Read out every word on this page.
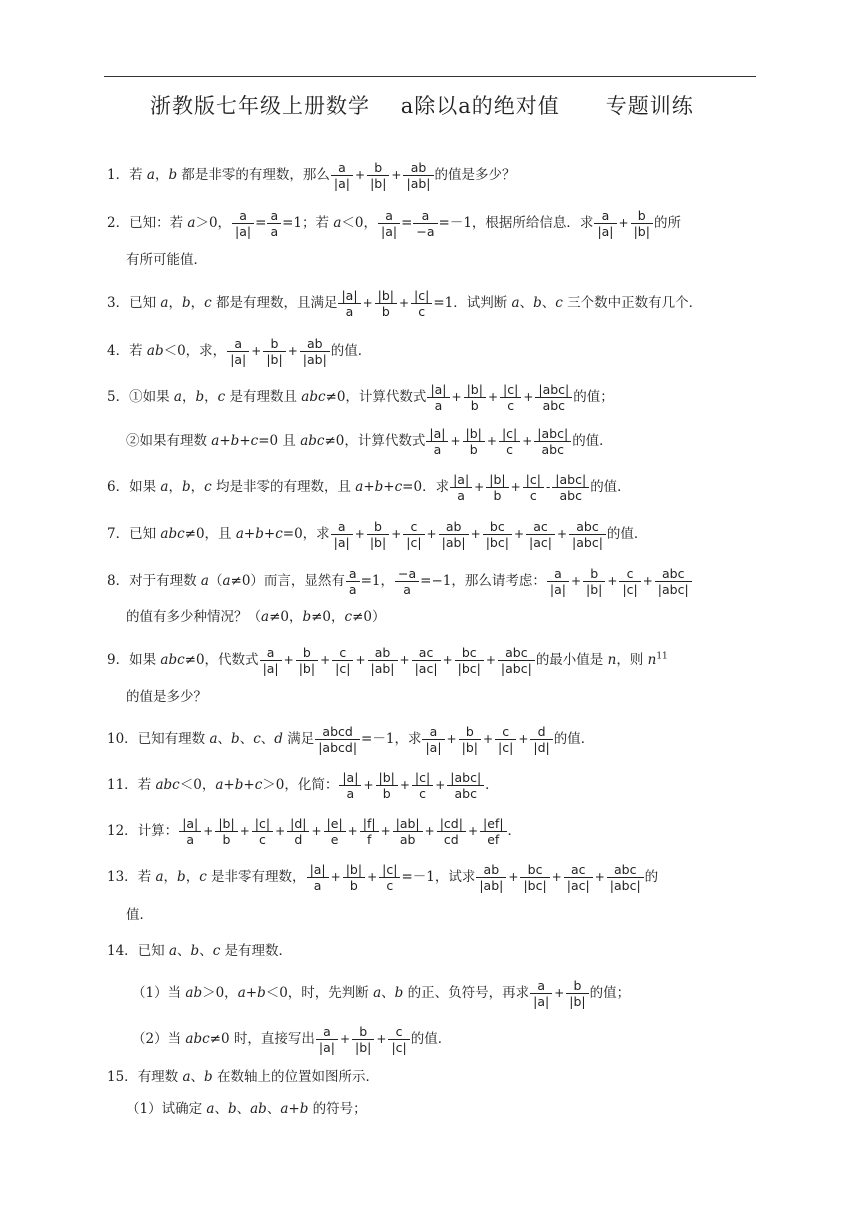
浙教版七年级上册数学    a除以a的绝对值      专题训练
1．若 a，b 都是非零的有理数，那么 $\frac{a}{|a|} + \frac{b}{|b|} + \frac{ab}{|ab|}$ 的值是多少？
2．已知：若 a＞0， $\frac{a}{|a|} = \frac{a}{a} =1$；若 a＜0， $\frac{a}{|a|} = \frac{a}{-a} =-1$，根据所给信息．求 $\frac{a}{|a|} + \frac{b}{|b|}$ 的所
有所可能值．
3．已知 a，b，c 都是有理数，且满足 $\frac{|a|}{a} + \frac{|b|}{b} + \frac{|c|}{c} =1$．试判断 a、b、c 三个数中正数有几个．
4．若 ab＜0，求， $\frac{a}{|a|} + \frac{b}{|b|} + \frac{ab}{|ab|}$ 的值．
5．①如果 a，b，c 是有理数且 abc≠0，计算代数式 $\frac{|a|}{a} + \frac{|b|}{b} + \frac{|c|}{c} + \frac{\text{|abc|}}{\text{abc}}$ 的值；
②如果有理数 a+b+c=0 且 abc≠0，计算代数式 $\frac{|a|}{a} + \frac{|b|}{b} + \frac{|c|}{c} + \frac{\text{|abc|}}{\text{abc}}$ 的值．
6．如果 a，b，c 均是非零的有理数，且 a+b+c=0．求 $\frac{|a|}{a} + \frac{|b|}{b} + \frac{|c|}{c} - \frac{\text{|abc|}}{\text{abc}}$ 的值．
7．已知 abc≠0，且 a+b+c=0，求 $\frac{a}{|a|} + \frac{b}{|b|} + \frac{c}{|c|} + \frac{ab}{|ab|} + \frac{bc}{|bc|} + \frac{ac}{|ac|} + \frac{\text{abc}}{\text{|abc|}}$ 的值．
8．对于有理数 a（a≠0）而言，显然有 $\frac{a}{a} =1$， $\frac{-a}{a} =-1$，那么请考虑： $\frac{a}{|a|} + \frac{b}{|b|} + \frac{c}{|c|} + \frac{\text{abc}}{\text{|abc|}}$
的值有多少种情况？（a≠0，b≠0，c≠0）
9．如果 abc≠0，代数式 $\frac{a}{|a|} + \frac{b}{|b|} + \frac{c}{|c|} + \frac{ab}{|ab|} + \frac{ac}{|ac|} + \frac{bc}{|bc|} + \frac{\text{abc}}{\text{|abc|}}$ 的最小值是 n，则 $n^{11}$
的值是多少？
10．已知有理数 a、b、c、d 满足 $\frac{\text{abcd}}{\text{|abcd|}} =-1$，求 $\frac{a}{|a|} + \frac{b}{|b|} + \frac{c}{|c|} + \frac{d}{|d|}$ 的值．
11．若 abc＜0，a+b+c＞0，化简： $\frac{|a|}{a} + \frac{|b|}{b} + \frac{|c|}{c} + \frac{\text{|abc|}}{\text{abc}}$ ．
12．计算： $\frac{|a|}{a} + \frac{|b|}{b} + \frac{|c|}{c} + \frac{|d|}{d} + \frac{|e|}{e} + \frac{|f|}{f} + \frac{|ab|}{ab} + \frac{|cd|}{cd} + \frac{|ef|}{ef}$ ．
13．若 a，b，c 是非零有理数， $\frac{|a|}{a} + \frac{|b|}{b} + \frac{|c|}{c} =-1$，试求 $\frac{ab}{|ab|} + \frac{bc}{|bc|} + \frac{ac}{|ac|} + \frac{\text{abc}}{\text{|abc|}}$ 的
值．
14．已知 a、b、c 是有理数．
（1）当 ab＞0，a+b＜0，时，先判断 a、b 的正、负符号，再求 $\frac{a}{|a|} + \frac{b}{|b|}$ 的值；
（2）当 abc≠0 时，直接写出 $\frac{a}{|a|} + \frac{b}{|b|} + \frac{c}{|c|}$ 的值．
15．有理数 a、b 在数轴上的位置如图所示．
（1）试确定 a、b、ab、a+b 的符号；
